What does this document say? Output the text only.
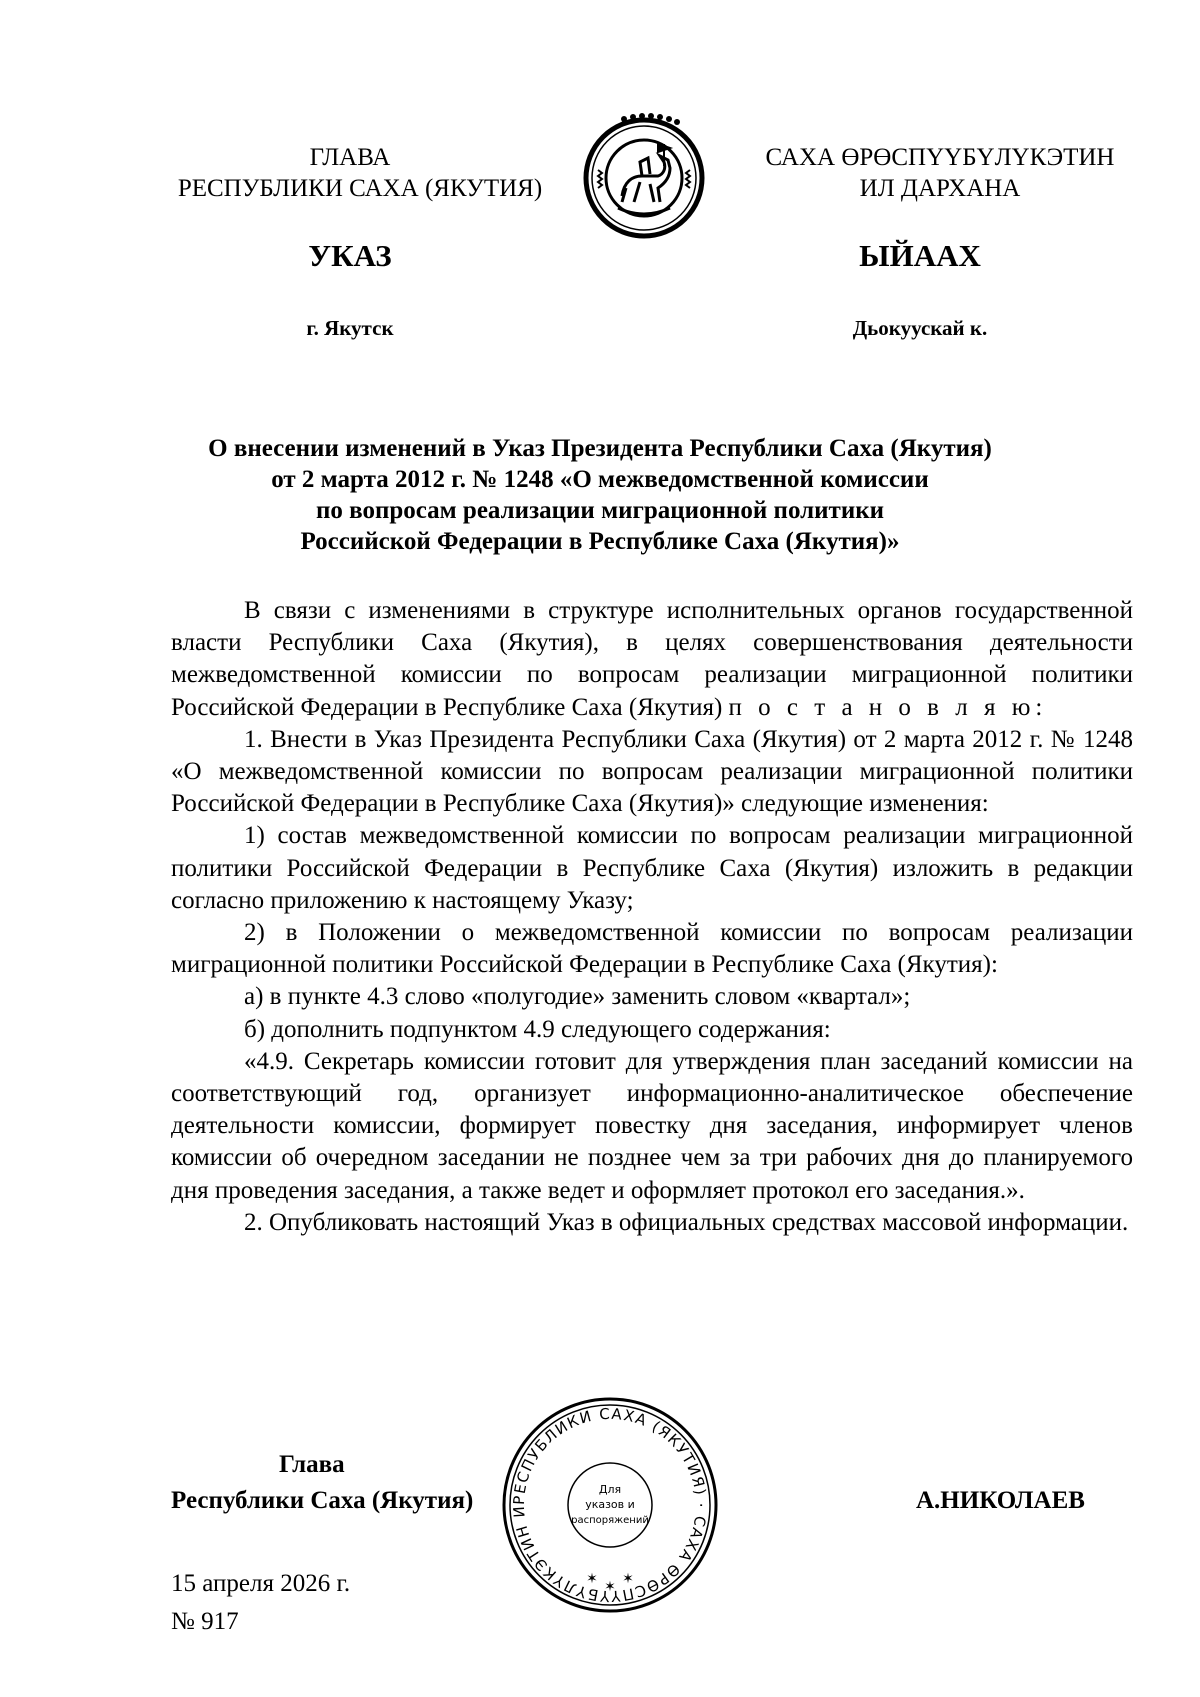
ГЛАВА
РЕСПУБЛИКИ САХА (ЯКУТИЯ)
САХА ӨРӨСПҮҮБҮЛҮКЭТИН
ИЛ ДАРХАНА
УКАЗ	ЫЙААХ
г. Якутск	Дьокуускай к.
О внесении изменений в Указ Президента Республики Саха (Якутия)
от 2 марта 2012 г. № 1248 «О межведомственной комиссии
по вопросам реализации миграционной политики
Российской Федерации в Республике Саха (Якутия)»

В связи с изменениями в структуре исполнительных органов государственной власти Республики Саха (Якутия), в целях совершенствования деятельности межведомственной комиссии по вопросам реализации миграционной политики Российской Федерации в Республике Саха (Якутия) п о с т а н о в л я ю:

1. Внести в Указ Президента Республики Саха (Якутия) от 2 марта 2012 г. № 1248 «О межведомственной комиссии по вопросам реализации миграционной политики Российской Федерации в Республике Саха (Якутия)» следующие изменения:

1) состав межведомственной комиссии по вопросам реализации миграционной политики Российской Федерации в Республике Саха (Якутия) изложить в редакции согласно приложению к настоящему Указу;

2) в Положении о межведомственной комиссии по вопросам реализации миграционной политики Российской Федерации в Республике Саха (Якутия):

а) в пункте 4.3 слово «полугодие» заменить словом «квартал»;

б) дополнить подпунктом 4.9 следующего содержания:

«4.9. Секретарь комиссии готовит для утверждения план заседаний комиссии на соответствующий год, организует информационно-аналитическое обеспечение деятельности комиссии, формирует повестку дня заседания, информирует членов комиссии об очередном заседании не позднее чем за три рабочих дня до планируемого дня проведения заседания, а также ведет и оформляет протокол его заседания.».

2. Опубликовать настоящий Указ в официальных средствах массовой информации.

Глава
Республики Саха (Якутия)	А.НИКОЛАЕВ
РЕСПУБЛИКИ САХА (ЯКУТИЯ) · САХА ӨРӨСПҮҮБҮЛҮКЭТИН И
Для
указов и
распоряжений
✶ ✶ ✶
15 апреля 2026 г.
№ 917
